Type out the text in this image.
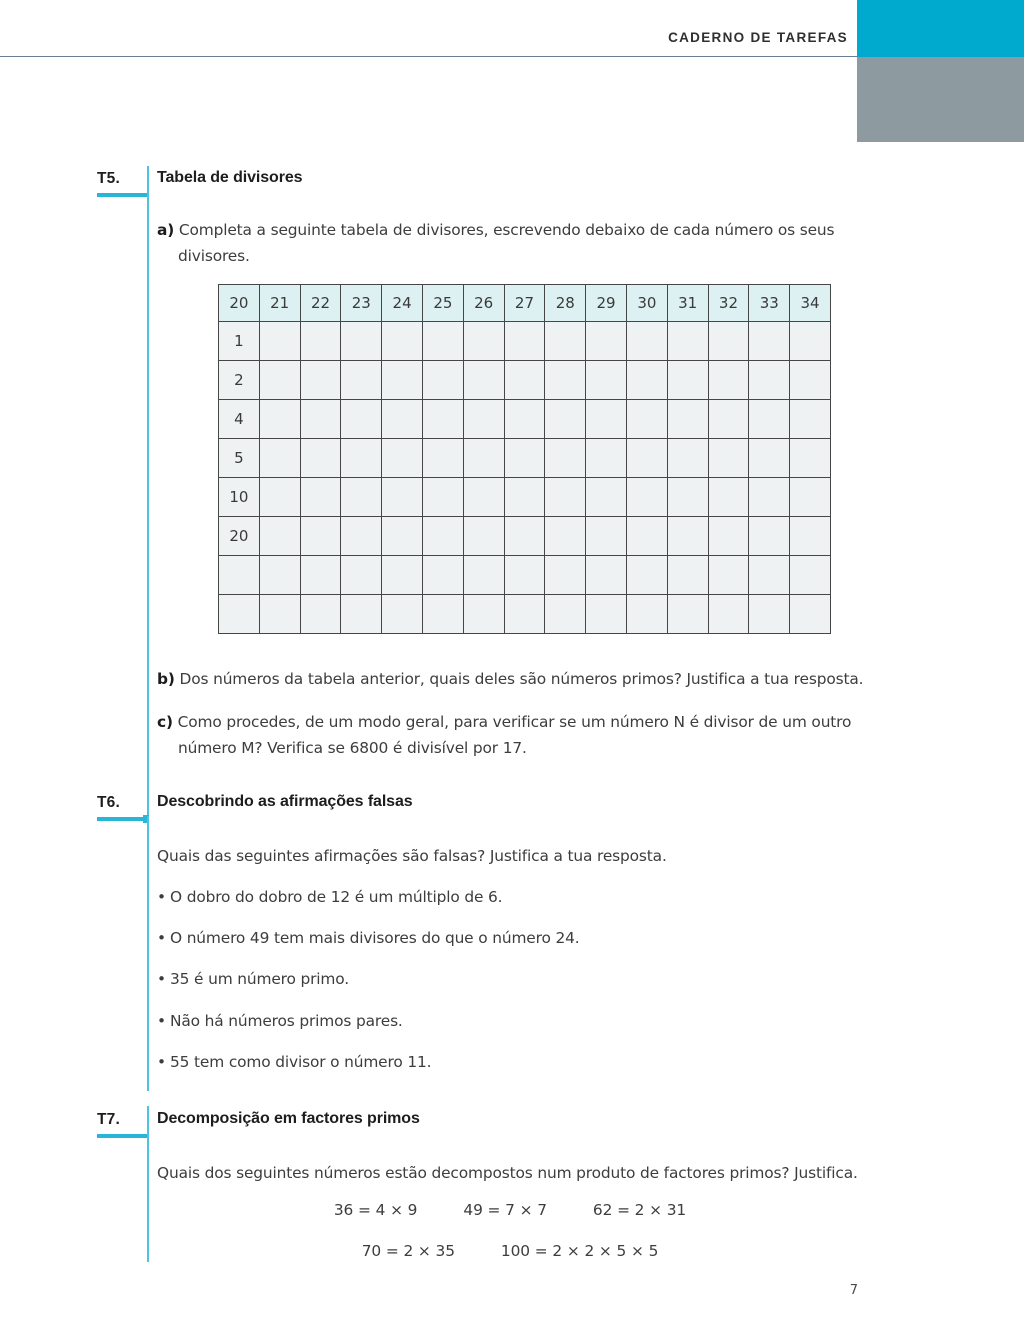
CADERNO DE TAREFAS
T5.	Tabela de divisores
a) Completa a seguinte tabela de divisores, escrevendo debaixo de cada número os seus divisores.
20	21	22	23	24	25	26	27	28	29	30	31	32	33	34
1														
2														
4														
5														
10														
20														

b) Dos números da tabela anterior, quais deles são números primos? Justifica a tua resposta.
c) Como procedes, de um modo geral, para verificar se um número N é divisor de um outro número M? Verifica se 6800 é divisível por 17.
T6.	Descobrindo as afirmações falsas
Quais das seguintes afirmações são falsas? Justifica a tua resposta.
• O dobro do dobro de 12 é um múltiplo de 6.
• O número 49 tem mais divisores do que o número 24.
• 35 é um número primo.
• Não há números primos pares.
• 55 tem como divisor o número 11.
T7.	Decomposição em factores primos
Quais dos seguintes números estão decompostos num produto de factores primos? Justifica.
36 = 4 × 9	49 = 7 × 7	62 = 2 × 31
70 = 2 × 35	100 = 2 × 2 × 5 × 5
7
